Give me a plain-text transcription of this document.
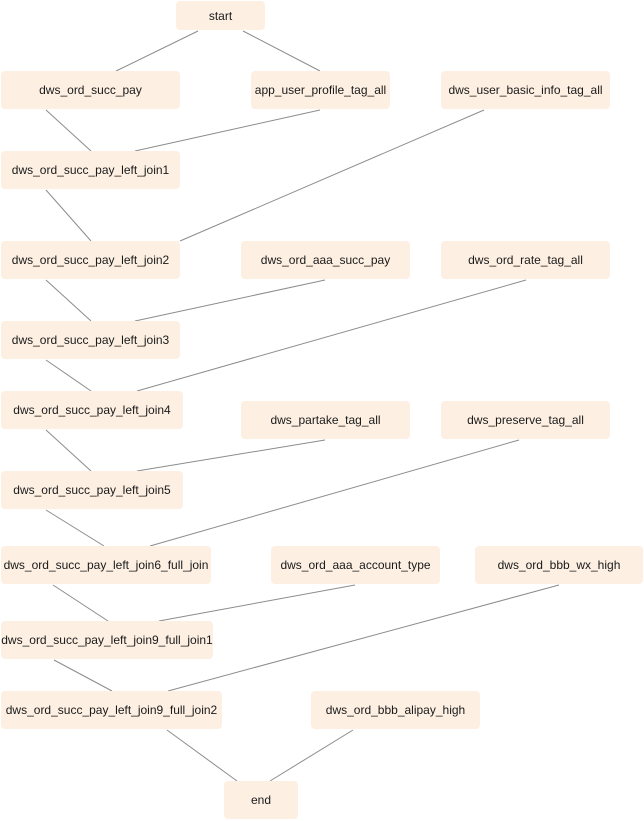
start
dws_ord_succ_pay	app_user_profile_tag_all	dws_user_basic_info_tag_all
dws_ord_succ_pay_left_join1
dws_ord_succ_pay_left_join2	dws_ord_aaa_succ_pay	dws_ord_rate_tag_all
dws_ord_succ_pay_left_join3
dws_ord_succ_pay_left_join4
dws_partake_tag_all	dws_preserve_tag_all
dws_ord_succ_pay_left_join5
dws_ord_succ_pay_left_join6_full_join	dws_ord_aaa_account_type	dws_ord_bbb_wx_high
dws_ord_succ_pay_left_join9_full_join1
dws_ord_succ_pay_left_join9_full_join2	dws_ord_bbb_alipay_high
end
